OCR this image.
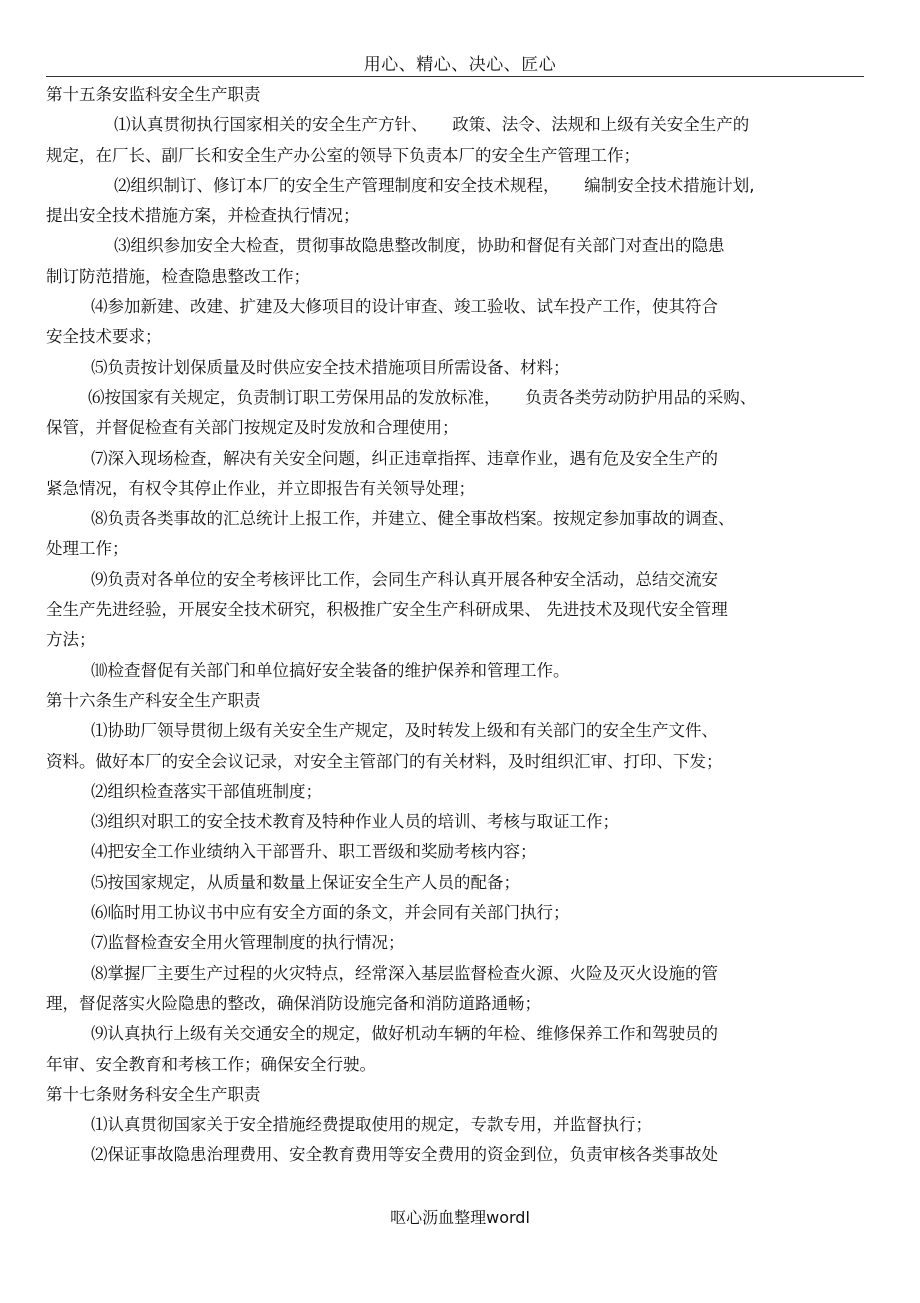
用心、精心、决心、匠心
第十五条安监科安全生产职责
⑴认真贯彻执行国家相关的安全生产方针、　　政策、法令、法规和上级有关安全生产的
规定，在厂长、副厂长和安全生产办公室的领导下负责本厂的安全生产管理工作；
⑵组织制订、修订本厂的安全生产管理制度和安全技术规程，　　编制安全技术措施计划,
提出安全技术措施方案，并检查执行情况；
⑶组织参加安全大检查，贯彻事故隐患整改制度，协助和督促有关部门对查出的隐患
制订防范措施，检查隐患整改工作；
⑷参加新建、改建、扩建及大修项目的设计审查、竣工验收、试车投产工作，使其符合
安全技术要求；
⑸负责按计划保质量及时供应安全技术措施项目所需设备、材料；
⑹按国家有关规定，负责制订职工劳保用品的发放标准，　　负责各类劳动防护用品的采购、
保管，并督促检查有关部门按规定及时发放和合理使用；
⑺深入现场检查，解决有关安全问题，纠正违章指挥、违章作业，遇有危及安全生产的
紧急情况，有权令其停止作业，并立即报告有关领导处理；
⑻负责各类事故的汇总统计上报工作，并建立、健全事故档案。按规定参加事故的调查、
处理工作；
⑼负责对各单位的安全考核评比工作，会同生产科认真开展各种安全活动，总结交流安
全生产先进经验，开展安全技术研究，积极推广安全生产科研成果、 先进技术及现代安全管理
方法；
⑽检查督促有关部门和单位搞好安全装备的维护保养和管理工作。
第十六条生产科安全生产职责
⑴协助厂领导贯彻上级有关安全生产规定，及时转发上级和有关部门的安全生产文件、
资料。做好本厂的安全会议记录，对安全主管部门的有关材料，及时组织汇审、打印、下发；
⑵组织检查落实干部值班制度；
⑶组织对职工的安全技术教育及特种作业人员的培训、考核与取证工作；
⑷把安全工作业绩纳入干部晋升、职工晋级和奖励考核内容；
⑸按国家规定，从质量和数量上保证安全生产人员的配备；
⑹临时用工协议书中应有安全方面的条文，并会同有关部门执行；
⑺监督检查安全用火管理制度的执行情况；
⑻掌握厂主要生产过程的火灾特点，经常深入基层监督检查火源、火险及灭火设施的管
理，督促落实火险隐患的整改，确保消防设施完备和消防道路通畅；
⑼认真执行上级有关交通安全的规定，做好机动车辆的年检、维修保养工作和驾驶员的
年审、安全教育和考核工作；确保安全行驶。
第十七条财务科安全生产职责
⑴认真贯彻国家关于安全措施经费提取使用的规定，专款专用，并监督执行；
⑵保证事故隐患治理费用、安全教育费用等安全费用的资金到位，负责审核各类事故处
呕心沥血整理wordl
